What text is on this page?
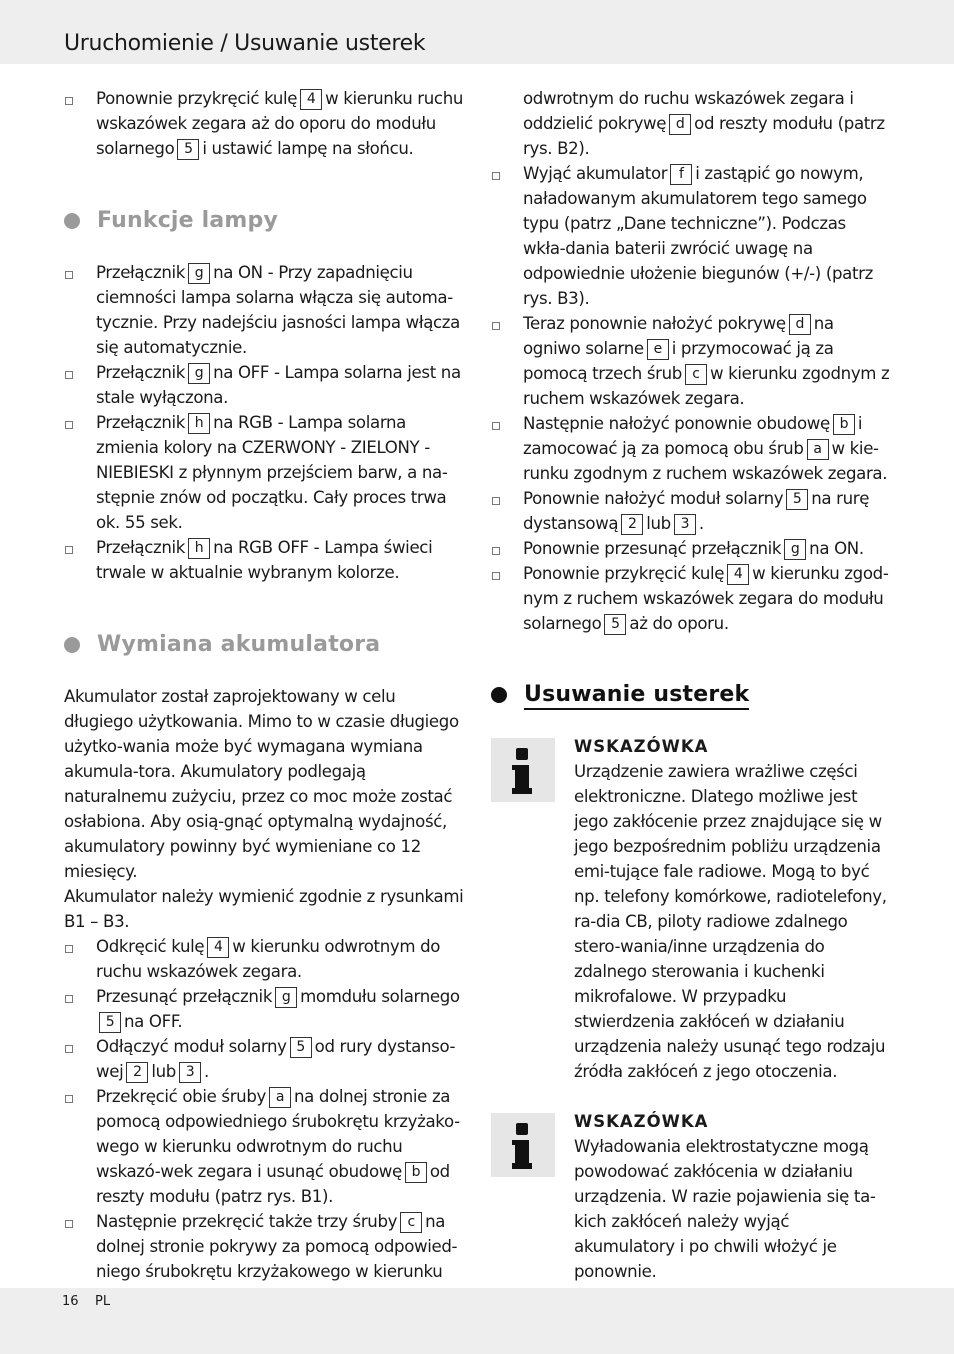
Uruchomienie / Usuwanie usterek
Ponownie przykręcić kulę 4 w kierunku ruchu wskazówek zegara aż do oporu do modułu solarnego 5 i ustawić lampę na słońcu.
Funkcje lampy
Przełącznik g na ON - Przy zapadnięciu ciemności lampa solarna włącza się automa-tycznie. Przy nadejściu jasności lampa włącza się automatycznie.
Przełącznik g na OFF - Lampa solarna jest na stale wyłączona.
Przełącznik h na RGB - Lampa solarna zmienia kolory na CZERWONY - ZIELONY - NIEBIESKI z płynnym przejściem barw, a na-stępnie znów od początku. Cały proces trwa ok. 55 sek.
Przełącznik h na RGB OFF - Lampa świeci trwale w aktualnie wybranym kolorze.
Wymiana akumulatora

Akumulator został zaprojektowany w celu długiego użytkowania. Mimo to w czasie długiego użytko-wania może być wymagana wymiana akumula-tora. Akumulatory podlegają naturalnemu zużyciu, przez co moc może zostać osłabiona. Aby osią-gnąć optymalną wydajność, akumulatory powinny być wymieniane co 12 miesięcy.

Akumulator należy wymienić zgodnie z rysunkami B1 – B3.

Odkręcić kulę 4 w kierunku odwrotnym do ruchu wskazówek zegara.
Przesunąć przełącznik g momdułu solarnego5 na OFF.
Odłączyć moduł solarny 5 od rury dystanso-wej 2 lub 3 .
Przekręcić obie śruby a na dolnej stronie za pomocą odpowiedniego śrubokrętu krzyżako-wego w kierunku odwrotnym do ruchu wskazó-wek zegara i usunąć obudowę b od reszty modułu (patrz rys. B1).
Następnie przekręcić także trzy śruby c na dolnej stronie pokrywy za pomocą odpowied-niego śrubokrętu krzyżakowego w kierunku

odwrotnym do ruchu wskazówek zegara i oddzielić pokrywę d od reszty modułu (patrz rys. B2).

Wyjąć akumulator f i zastąpić go nowym, naładowanym akumulatorem tego samego typu (patrz „Dane techniczne”). Podczas wkła-dania baterii zwrócić uwagę na odpowiednie ułożenie biegunów (+/-) (patrz rys. B3).
Teraz ponownie nałożyć pokrywę d na ogniwo solarne e i przymocować ją za pomocą trzech śrub c w kierunku zgodnym z ruchem wskazówek zegara.
Następnie nałożyć ponownie obudowę b i zamocować ją za pomocą obu śrub a w kie-runku zgodnym z ruchem wskazówek zegara.
Ponownie nałożyć moduł solarny 5 na rurę dystansową 2 lub 3 .
Ponownie przesunąć przełącznik g na ON.
Ponownie przykręcić kulę 4 w kierunku zgod-nym z ruchem wskazówek zegara do modułu solarnego 5 aż do oporu.
Usuwanie usterek
WSKAZÓWKA

Urządzenie zawiera wrażliwe części elektroniczne. Dlatego możliwe jest jego zakłócenie przez znajdujące się w jego bezpośrednim pobliżu urządzenia emi-tujące fale radiowe. Mogą to być np. telefony komórkowe, radiotelefony, ra-dia CB, piloty radiowe zdalnego stero-wania/inne urządzenia do zdalnego sterowania i kuchenki mikrofalowe. W przypadku stwierdzenia zakłóceń w działaniu urządzenia należy usunąć tego rodzaju źródła zakłóceń z jego otoczenia.

WSKAZÓWKA

Wyładowania elektrostatyczne mogą powodować zakłócenia w działaniu urządzenia. W razie pojawienia się ta-kich zakłóceń należy wyjąć akumulatory i po chwili włożyć je ponownie.

16 PL
